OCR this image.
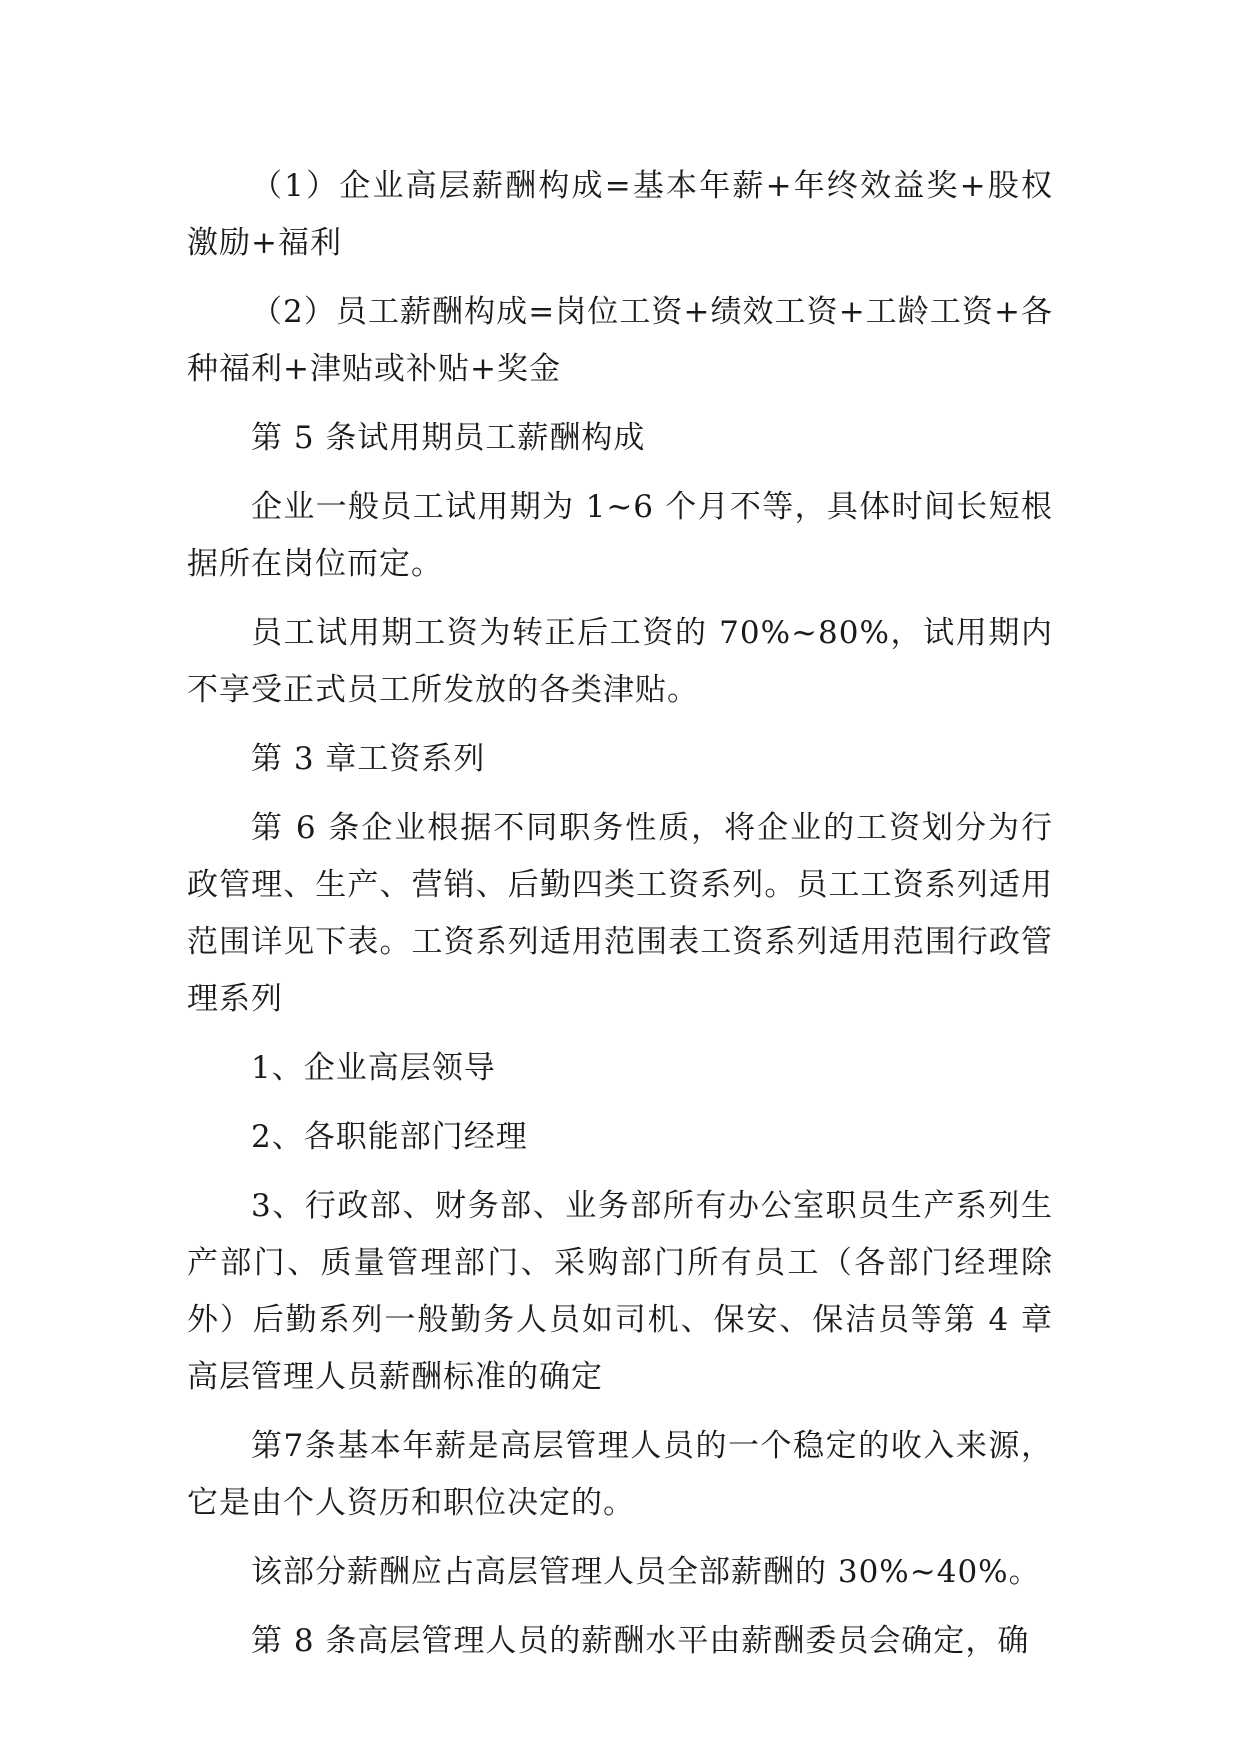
（1）企业高层薪酬构成=基本年薪+年终效益奖+股权激励+福利

（2）员工薪酬构成=岗位工资+绩效工资+工龄工资+各种福利+津贴或补贴+奖金

第 5 条试用期员工薪酬构成

企业一般员工试用期为 1~6 个月不等，具体时间长短根据所在岗位而定。

员工试用期工资为转正后工资的 70%~80%，试用期内不享受正式员工所发放的各类津贴。

第 3 章工资系列

第 6 条企业根据不同职务性质，将企业的工资划分为行政管理、生产、营销、后勤四类工资系列。员工工资系列适用范围详见下表。工资系列适用范围表工资系列适用范围行政管理系列

1、企业高层领导

2、各职能部门经理

3、行政部、财务部、业务部所有办公室职员生产系列生产部门、质量管理部门、采购部门所有员工（各部门经理除外）后勤系列一般勤务人员如司机、保安、保洁员等第 4 章高层管理人员薪酬标准的确定

第7条基本年薪是高层管理人员的一个稳定的收入来源，它是由个人资历和职位决定的。

该部分薪酬应占高层管理人员全部薪酬的 30%~40%。

第 8 条高层管理人员的薪酬水平由薪酬委员会确定，确
